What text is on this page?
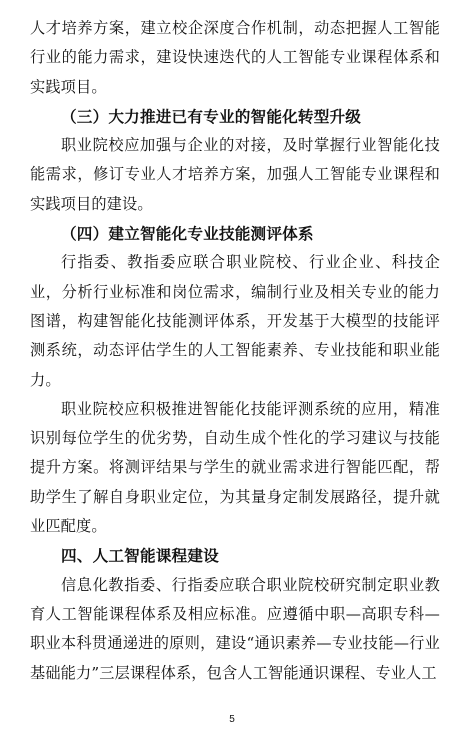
人才培养方案，建立校企深度合作机制，动态把握人工智能行业的能力需求，建设快速迭代的人工智能专业课程体系和实践项目。

（三）大力推进已有专业的智能化转型升级

职业院校应加强与企业的对接，及时掌握行业智能化技能需求，修订专业人才培养方案，加强人工智能专业课程和实践项目的建设。

（四）建立智能化专业技能测评体系

行指委、教指委应联合职业院校、行业企业、科技企业，分析行业标准和岗位需求，编制行业及相关专业的能力图谱，构建智能化技能测评体系，开发基于大模型的技能评测系统，动态评估学生的人工智能素养、专业技能和职业能力。

职业院校应积极推进智能化技能评测系统的应用，精准识别每位学生的优劣势，自动生成个性化的学习建议与技能提升方案。将测评结果与学生的就业需求进行智能匹配，帮助学生了解自身职业定位，为其量身定制发展路径，提升就业匹配度。

四、人工智能课程建设

信息化教指委、行指委应联合职业院校研究制定职业教育人工智能课程体系及相应标准。应遵循中职—高职专科—职业本科贯通递进的原则，建设“通识素养—专业技能—行业基础能力”三层课程体系，包含人工智能通识课程、专业人工

5
